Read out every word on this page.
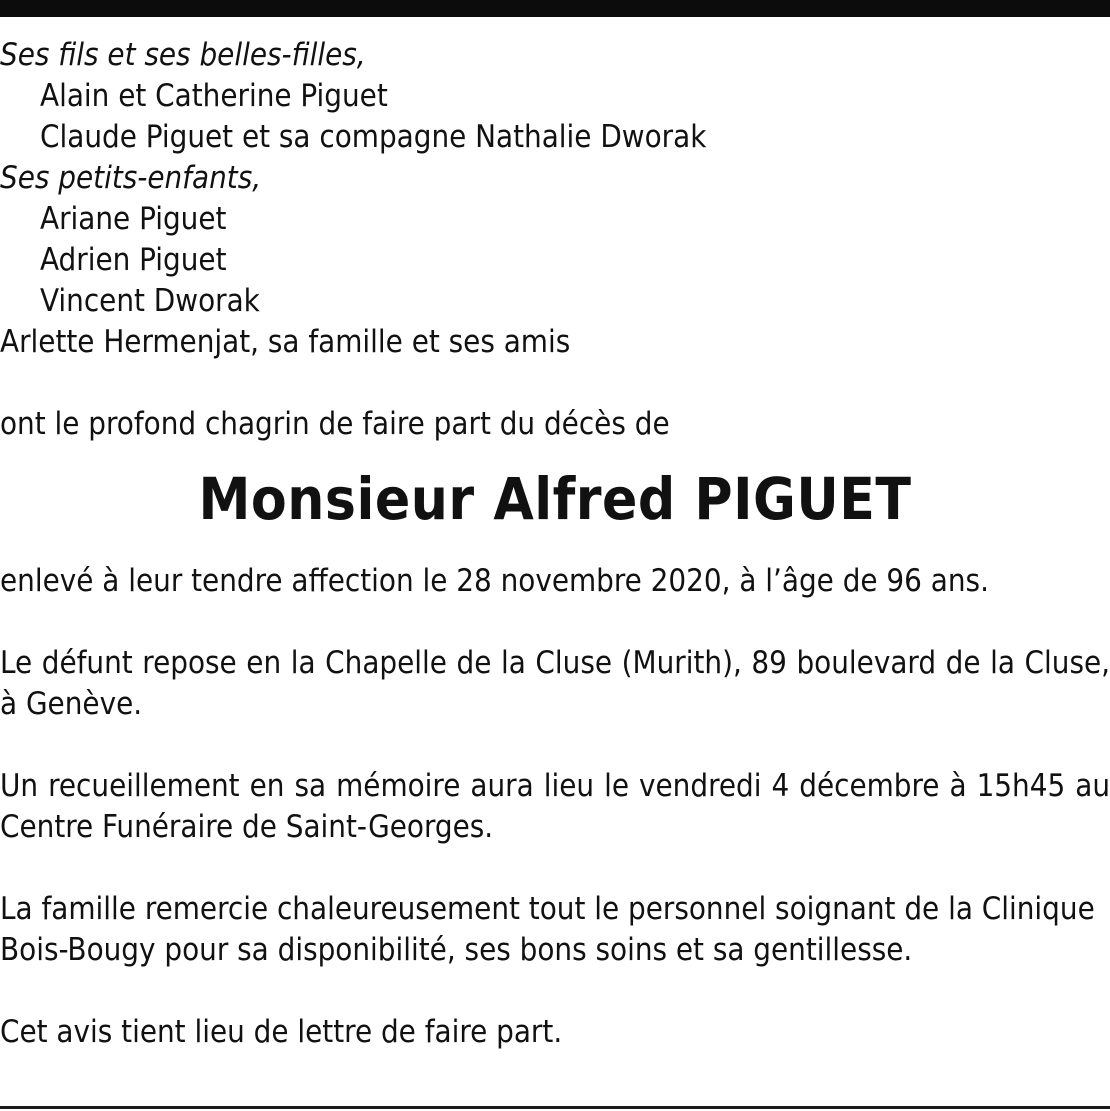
Ses fils et ses belles-filles,

Alain et Catherine Piguet

Claude Piguet et sa compagne Nathalie Dworak

Ses petits-enfants,

Ariane Piguet

Adrien Piguet

Vincent Dworak

Arlette Hermenjat, sa famille et ses amis

ont le profond chagrin de faire part du décès de

Monsieur Alfred PIGUET

enlevé à leur tendre affection le 28 novembre 2020, à l’âge de 96 ans.

Le défunt repose en la Chapelle de la Cluse (Murith), 89 boulevard de la Cluse, à Genève.

Un recueillement en sa mémoire aura lieu le vendredi 4 décembre à 15h45 au Centre Funéraire de Saint-Georges.

La famille remercie chaleureusement tout le personnel soignant de la Clinique Bois-Bougy pour sa disponibilité, ses bons soins et sa gentillesse.

Cet avis tient lieu de lettre de faire part.
